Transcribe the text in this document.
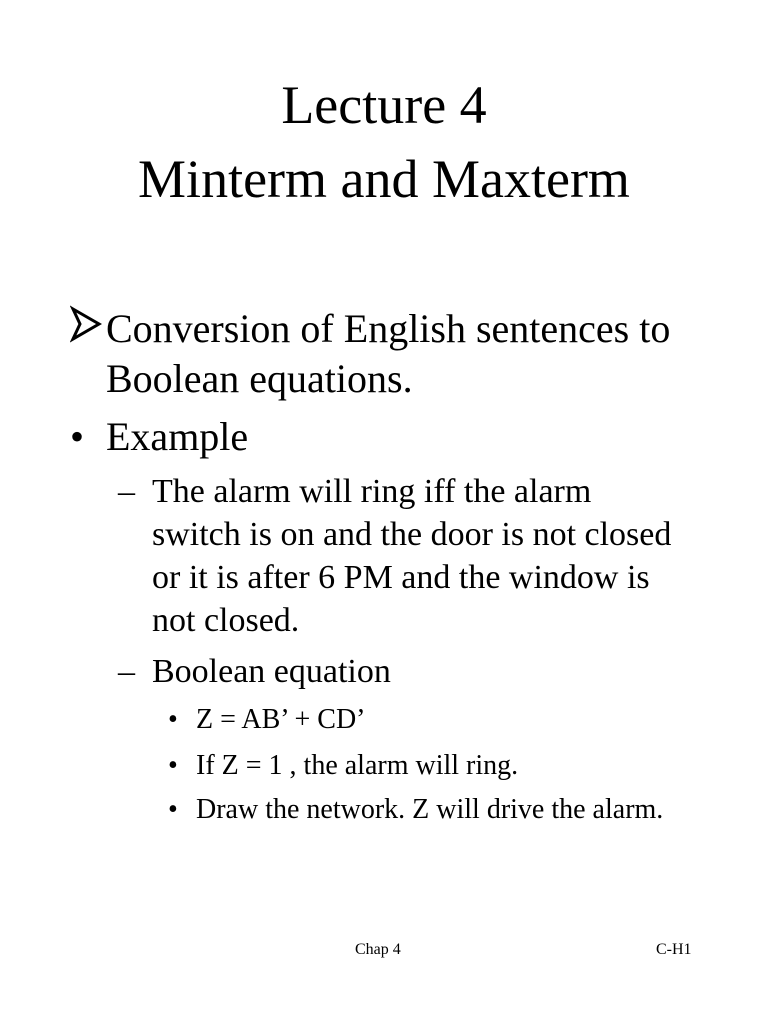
Lecture 4
Minterm and Maxterm
Conversion of English sentences to Boolean equations.
• Example
– The alarm will ring iff the alarm switch is on and the door is not closed or it is after 6 PM and the window is not closed.
– Boolean equation
• Z = AB’ + CD’
• If Z = 1 , the alarm will ring.
• Draw the network. Z will drive the alarm.
Chap 4	C-H1
